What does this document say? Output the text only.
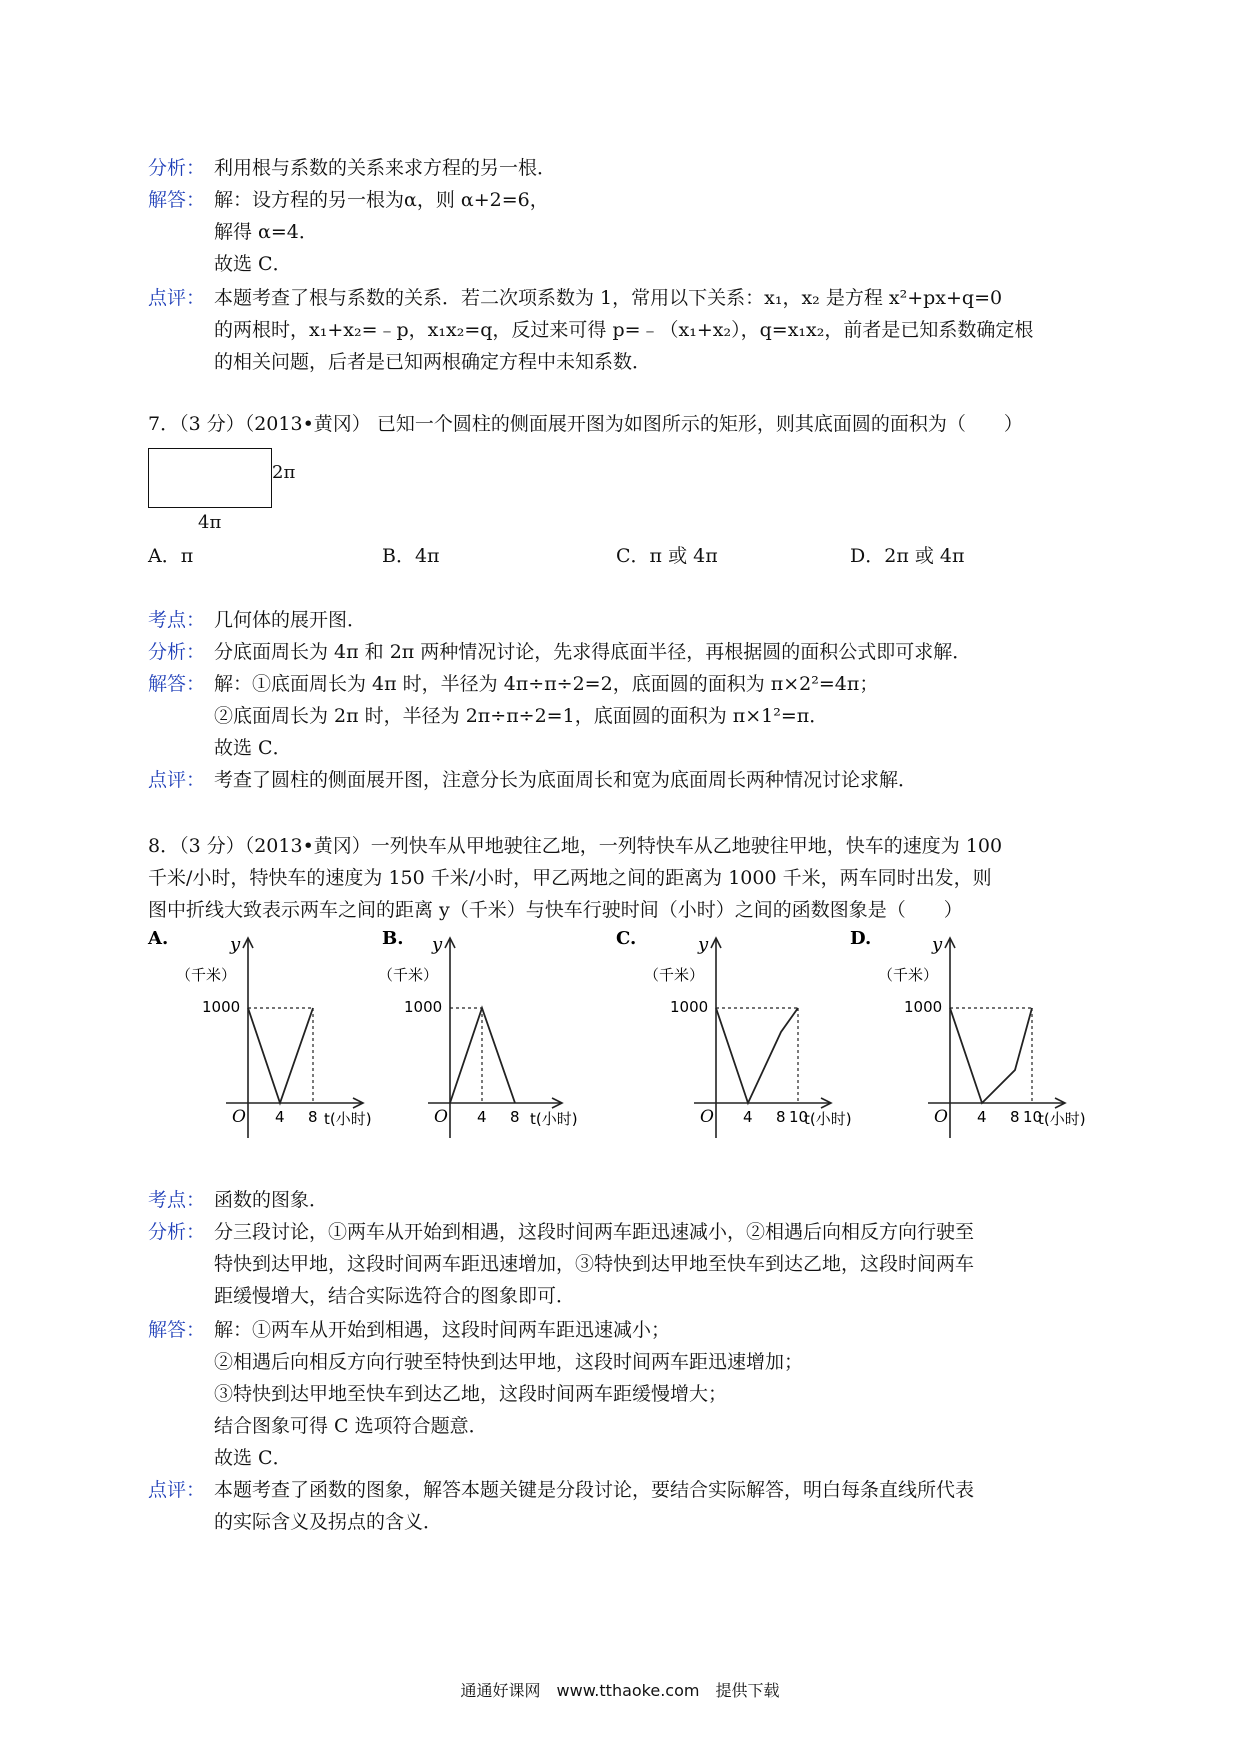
分析： 利用根与系数的关系来求方程的另一根．
解答： 解：设方程的另一根为α，则 α+2=6，
解得 α=4．
故选 C．
点评： 本题考查了根与系数的关系．若二次项系数为 1，常用以下关系：x₁，x₂ 是方程 x²+px+q=0
的两根时，x₁+x₂=﹣p，x₁x₂=q，反过来可得 p=﹣（x₁+x₂），q=x₁x₂，前者是已知系数确定根
的相关问题，后者是已知两根确定方程中未知系数．
7．（3 分）（2013•黄冈） 已知一个圆柱的侧面展开图为如图所示的矩形，则其底面圆的面积为（　　）
2π
4π
A．π	B．4π	C．π 或 4π	D．2π 或 4π
考点： 几何体的展开图．
分析： 分底面周长为 4π 和 2π 两种情况讨论，先求得底面半径，再根据圆的面积公式即可求解．
解答： 解：①底面周长为 4π 时，半径为 4π÷π÷2=2，底面圆的面积为 π×2²=4π；
②底面周长为 2π 时，半径为 2π÷π÷2=1，底面圆的面积为 π×1²=π．
故选 C．
点评： 考查了圆柱的侧面展开图，注意分长为底面周长和宽为底面周长两种情况讨论求解．
8．（3 分）（2013•黄冈）一列快车从甲地驶往乙地，一列特快车从乙地驶往甲地，快车的速度为 100
千米/小时，特快车的速度为 150 千米/小时，甲乙两地之间的距离为 1000 千米，两车同时出发，则
图中折线大致表示两车之间的距离 y（千米）与快车行驶时间（小时）之间的函数图象是（　　）
A.	y
（千米）
1000
O 4 8 t(小时)
B. y
（千米）
1000
O 4 8 t(小时)
C.	y
（千米）
1000
O 4 8 10
t(小时)
D.	y
（千米）
1000
O 4 8 10
t(小时)
考点： 函数的图象．
分析： 分三段讨论，①两车从开始到相遇，这段时间两车距迅速减小，②相遇后向相反方向行驶至
特快到达甲地，这段时间两车距迅速增加，③特快到达甲地至快车到达乙地，这段时间两车
距缓慢增大，结合实际选符合的图象即可．
解答： 解：①两车从开始到相遇，这段时间两车距迅速减小；
②相遇后向相反方向行驶至特快到达甲地，这段时间两车距迅速增加；
③特快到达甲地至快车到达乙地，这段时间两车距缓慢增大；
结合图象可得 C 选项符合题意．
故选 C．
点评： 本题考查了函数的图象，解答本题关键是分段讨论，要结合实际解答，明白每条直线所代表
的实际含义及拐点的含义．
通通好课网　www.tthaoke.com　提供下载
